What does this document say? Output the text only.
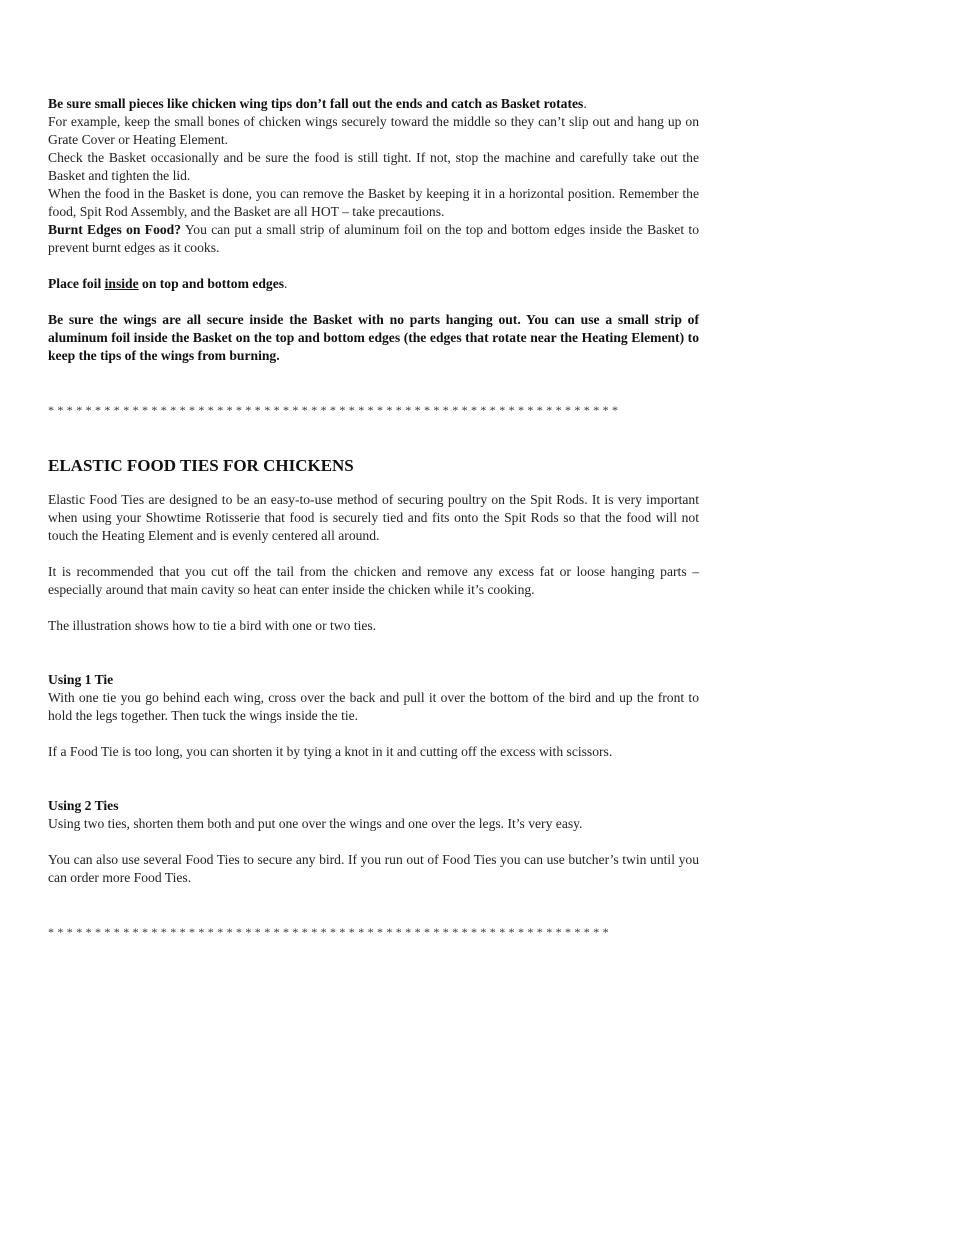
Be sure small pieces like chicken wing tips don’t fall out the ends and catch as Basket rotates.

For example, keep the small bones of chicken wings securely toward the middle so they can’t slip out and hang up on Grate Cover or Heating Element.

Check the Basket occasionally and be sure the food is still tight. If not, stop the machine and carefully take out the Basket and tighten the lid.

When the food in the Basket is done, you can remove the Basket by keeping it in a horizontal position. Remember the food, Spit Rod Assembly, and the Basket are all HOT – take precautions.

Burnt Edges on Food? You can put a small strip of aluminum foil on the top and bottom edges inside the Basket to prevent burnt edges as it cooks.

Place foil inside on top and bottom edges.

Be sure the wings are all secure inside the Basket with no parts hanging out. You can use a small strip of aluminum foil inside the Basket on the top and bottom edges (the edges that rotate near the Heating Element) to keep the tips of the wings from burning.

* * * * * * * * * * * * * * * * * * * * * * * * * * * * * * * * * * * * * * * * * * * * * * * * * * * * * * * * * * * * *
ELASTIC FOOD TIES FOR CHICKENS

Elastic Food Ties are designed to be an easy-to-use method of securing poultry on the Spit Rods. It is very important when using your Showtime Rotisserie that food is securely tied and fits onto the Spit Rods so that the food will not touch the Heating Element and is evenly centered all around.

It is recommended that you cut off the tail from the chicken and remove any excess fat or loose hanging parts – especially around that main cavity so heat can enter inside the chicken while it’s cooking.

The illustration shows how to tie a bird with one or two ties.

Using 1 Tie

With one tie you go behind each wing, cross over the back and pull it over the bottom of the bird and up the front to hold the legs together. Then tuck the wings inside the tie.

If a Food Tie is too long, you can shorten it by tying a knot in it and cutting off the excess with scissors.

Using 2 Ties

Using two ties, shorten them both and put one over the wings and one over the legs. It’s very easy.

You can also use several Food Ties to secure any bird. If you run out of Food Ties you can use butcher’s twin until you can order more Food Ties.

* * * * * * * * * * * * * * * * * * * * * * * * * * * * * * * * * * * * * * * * * * * * * * * * * * * * * * * * * * * *
